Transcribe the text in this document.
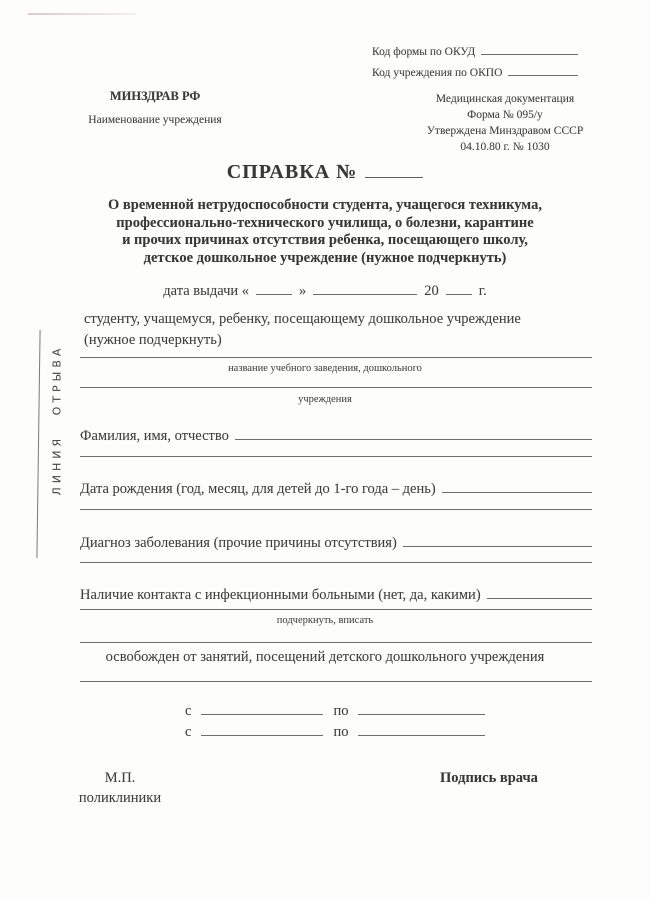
Код формы по ОКУД
Код учреждения по ОКПО
МИНЗДРАВ РФ
Наименование учреждения
Медицинская документация
Форма № 095/у
Утверждена Минздравом СССР
04.10.80 г. № 1030
СПРАВКА №
О временной нетрудоспособности студента, учащегося техникума,
профессионально-технического училища, о болезни, карантине
и прочих причинах отсутствия ребенка, посещающего школу,
детское дошкольное учреждение (нужное подчеркнуть)
дата выдачи «	»	20	г.
студенту, учащемуся, ребенку, посещающему дошкольное учреждение
(нужное подчеркнуть)
название учебного заведения, дошкольного
учреждения
Фамилия, имя, отчество
Дата рождения (год, месяц, для детей до 1-го года – день)
Диагноз заболевания (прочие причины отсутствия)
Наличие контакта с инфекционными больными (нет, да, какими)
подчеркнуть, вписать
освобожден от занятий, посещений детского дошкольного учреждения
с	по
с	по
М.П.
поликлиники
Подпись врача
ЛИНИЯ ОТРЫВА
